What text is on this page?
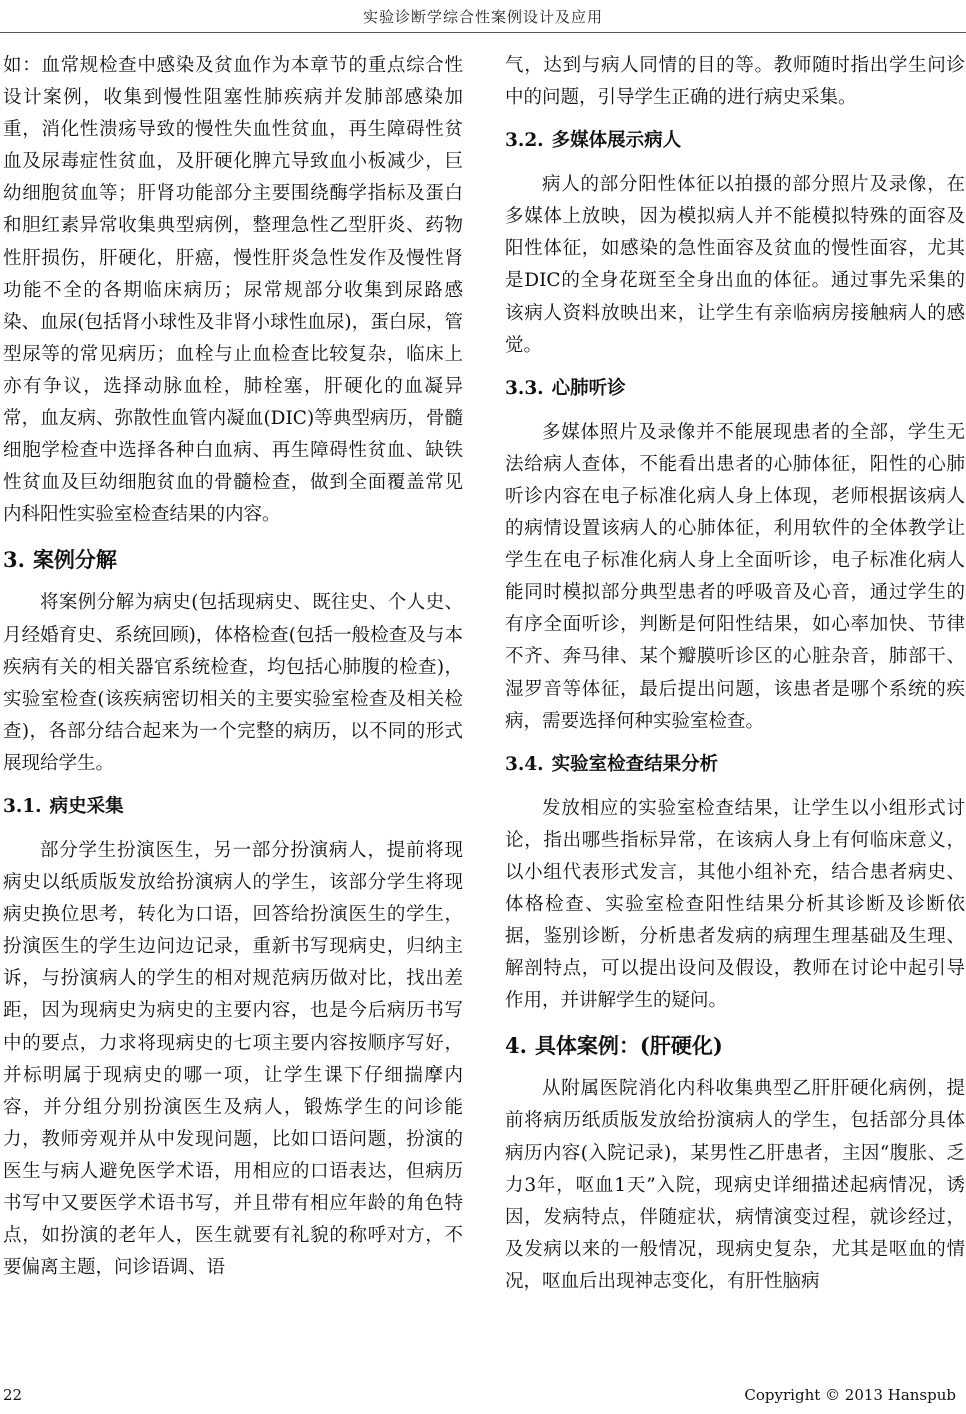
实验诊断学综合性案例设计及应用

如：血常规检查中感染及贫血作为本章节的重点综合性设计案例，收集到慢性阻塞性肺疾病并发肺部感染加重，消化性溃疡导致的慢性失血性贫血，再生障碍性贫血及尿毒症性贫血，及肝硬化脾亢导致血小板减少，巨幼细胞贫血等；肝肾功能部分主要围绕酶学指标及蛋白和胆红素异常收集典型病例，整理急性乙型肝炎、药物性肝损伤，肝硬化，肝癌，慢性肝炎急性发作及慢性肾功能不全的各期临床病历；尿常规部分收集到尿路感染、血尿(包括肾小球性及非肾小球性血尿)，蛋白尿，管型尿等的常见病历；血栓与止血检查比较复杂，临床上亦有争议，选择动脉血栓，肺栓塞，肝硬化的血凝异常，血友病、弥散性血管内凝血(DIC)等典型病历，骨髓细胞学检查中选择各种白血病、再生障碍性贫血、缺铁性贫血及巨幼细胞贫血的骨髓检查，做到全面覆盖常见内科阳性实验室检查结果的内容。

3. 案例分解

将案例分解为病史(包括现病史、既往史、个人史、月经婚育史、系统回顾)，体格检查(包括一般检查及与本疾病有关的相关器官系统检查，均包括心肺腹的检查)，实验室检查(该疾病密切相关的主要实验室检查及相关检查)，各部分结合起来为一个完整的病历，以不同的形式展现给学生。

3.1. 病史采集

部分学生扮演医生，另一部分扮演病人，提前将现病史以纸质版发放给扮演病人的学生，该部分学生将现病史换位思考，转化为口语，回答给扮演医生的学生，扮演医生的学生边问边记录，重新书写现病史，归纳主诉，与扮演病人的学生的相对规范病历做对比，找出差距，因为现病史为病史的主要内容，也是今后病历书写中的要点，力求将现病史的七项主要内容按顺序写好，并标明属于现病史的哪一项，让学生课下仔细揣摩内容，并分组分别扮演医生及病人，锻炼学生的问诊能力，教师旁观并从中发现问题，比如口语问题，扮演的医生与病人避免医学术语，用相应的口语表达，但病历书写中又要医学术语书写，并且带有相应年龄的角色特点，如扮演的老年人，医生就要有礼貌的称呼对方，不要偏离主题，问诊语调、语

气，达到与病人同情的目的等。教师随时指出学生问诊中的问题，引导学生正确的进行病史采集。

3.2. 多媒体展示病人

病人的部分阳性体征以拍摄的部分照片及录像，在多媒体上放映，因为模拟病人并不能模拟特殊的面容及阳性体征，如感染的急性面容及贫血的慢性面容，尤其是DIC的全身花斑至全身出血的体征。通过事先采集的该病人资料放映出来，让学生有亲临病房接触病人的感觉。

3.3. 心肺听诊

多媒体照片及录像并不能展现患者的全部，学生无法给病人查体，不能看出患者的心肺体征，阳性的心肺听诊内容在电子标准化病人身上体现，老师根据该病人的病情设置该病人的心肺体征，利用软件的全体教学让学生在电子标准化病人身上全面听诊，电子标准化病人能同时模拟部分典型患者的呼吸音及心音，通过学生的有序全面听诊，判断是何阳性结果，如心率加快、节律不齐、奔马律、某个瓣膜听诊区的心脏杂音，肺部干、湿罗音等体征，最后提出问题，该患者是哪个系统的疾病，需要选择何种实验室检查。

3.4. 实验室检查结果分析

发放相应的实验室检查结果，让学生以小组形式讨论，指出哪些指标异常，在该病人身上有何临床意义，以小组代表形式发言，其他小组补充，结合患者病史、体格检查、实验室检查阳性结果分析其诊断及诊断依据，鉴别诊断，分析患者发病的病理生理基础及生理、解剖特点，可以提出设问及假设，教师在讨论中起引导作用，并讲解学生的疑问。

4. 具体案例：(肝硬化)

从附属医院消化内科收集典型乙肝肝硬化病例，提前将病历纸质版发放给扮演病人的学生，包括部分具体病历内容(入院记录)，某男性乙肝患者，主因“腹胀、乏力3年，呕血1天”入院，现病史详细描述起病情况，诱因，发病特点，伴随症状，病情演变过程，就诊经过，及发病以来的一般情况，现病史复杂，尤其是呕血的情况，呕血后出现神志变化，有肝性脑病

22	Copyright © 2013 Hanspub
